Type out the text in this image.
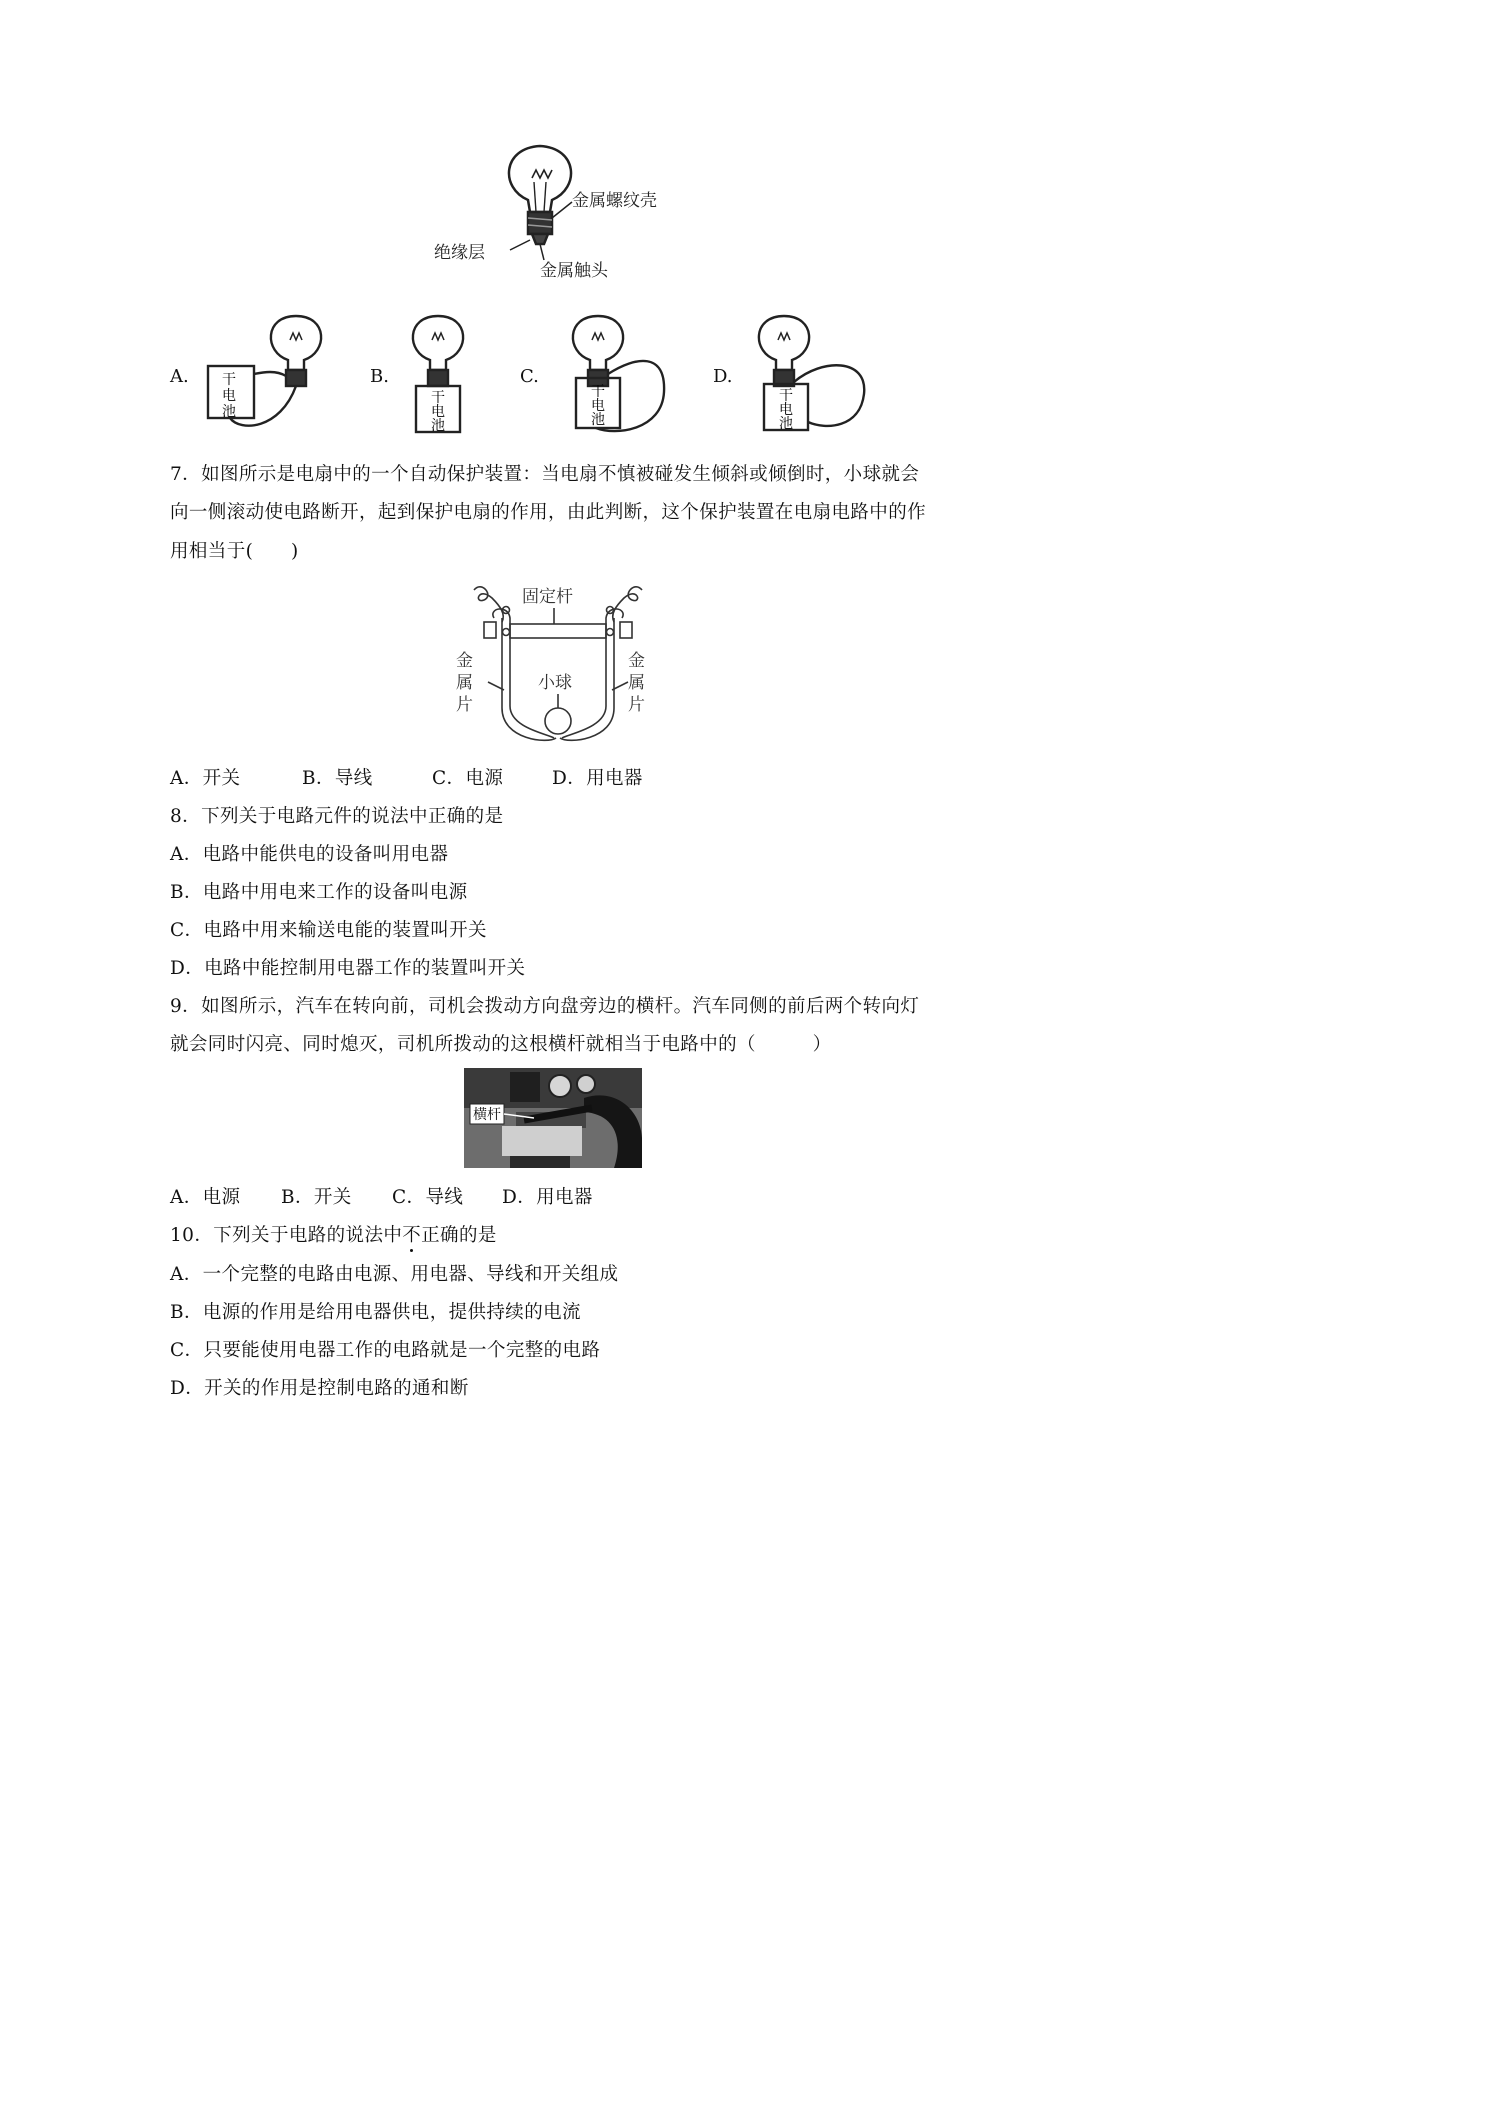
金属螺纹壳
绝缘层
金属触头
A. 干
电
池
B.
干
电
池
C.
干
电
池
D.
干
电
池
7．如图所示是电扇中的一个自动保护装置：当电扇不慎被碰发生倾斜或倾倒时，小球就会
向一侧滚动使电路断开，起到保护电扇的作用，由此判断，这个保护装置在电扇电路中的作
用相当于(　　)
固定杆
小球
金
属
片
金
属
片
A．开关	B．导线	C．电源	D．用电器
8．下列关于电路元件的说法中正确的是
A．电路中能供电的设备叫用电器
B．电路中用电来工作的设备叫电源
C．电路中用来输送电能的装置叫开关
D．电路中能控制用电器工作的装置叫开关
9．如图所示，汽车在转向前，司机会拨动方向盘旁边的横杆。汽车同侧的前后两个转向灯
就会同时闪亮、同时熄灭，司机所拨动的这根横杆就相当于电路中的（　　　）
横杆
A．电源 B．开关 C．导线 D．用电器
10．下列关于电路的说法中不正确的是
A．一个完整的电路由电源、用电器、导线和开关组成
B．电源的作用是给用电器供电，提供持续的电流
C．只要能使用电器工作的电路就是一个完整的电路
D．开关的作用是控制电路的通和断
